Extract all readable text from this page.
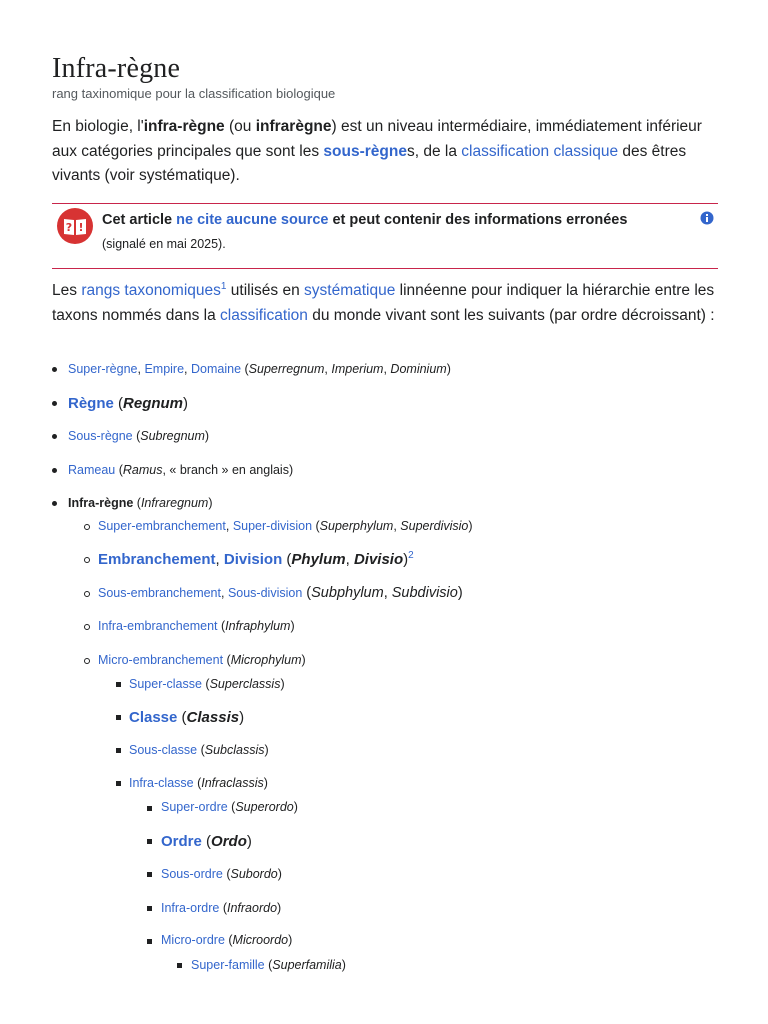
Infra-règne
rang taxinomique pour la classification biologique

En biologie, l'infra-règne (ou infrarègne) est un niveau intermédiaire, immédiatement inférieur aux catégories principales que sont les sous-règnes, de la classification classique des êtres vivants (voir systématique).

? ! Cet article ne cite aucune source et peut contenir des informations erronées (signalé en mai 2025).

Les rangs taxonomiques$^1$ utilisés en systématique linnéenne pour indiquer la hiérarchie entre les taxons nommés dans la classification du monde vivant sont les suivants (par ordre décroissant) :

Super-règne, Empire, Domaine (Superregnum, Imperium, Dominium)
Règne (Regnum)
Sous-règne (Subregnum)
Rameau (Ramus, « branch » en anglais)
Infra-règne (Infraregnum)
Super-embranchement, Super-division (Superphylum, Superdivisio)
Embranchement, Division (Phylum, Divisio)$^2$
Sous-embranchement, Sous-division (Subphylum, Subdivisio)
Infra-embranchement (Infraphylum)
Micro-embranchement (Microphylum)
Super-classe (Superclassis)
Classe (Classis)
Sous-classe (Subclassis)
Infra-classe (Infraclassis)
Super-ordre (Superordo)
Ordre (Ordo)
Sous-ordre (Subordo)
Infra-ordre (Infraordo)
Micro-ordre (Microordo)
Super-famille (Superfamilia)
